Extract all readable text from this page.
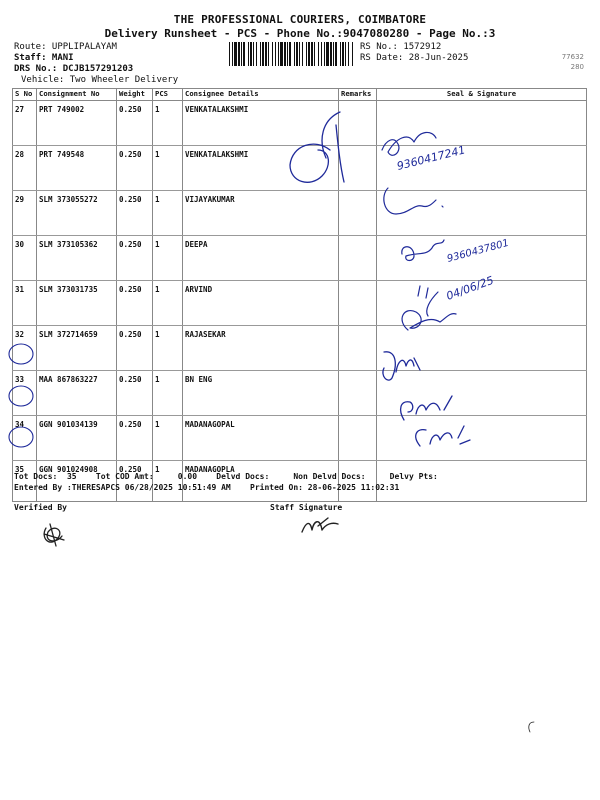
THE PROFESSIONAL COURIERS, COIMBATORE
Delivery Runsheet - PCS - Phone No.:9047080280 - Page No.:3
Route: UPPLIPALAYAM
Staff: MANI
DRS No.: DCJB157291203
Vehicle: Two Wheeler Delivery
RS No.: 1572912
RS Date: 28-Jun-2025	77632
280
S No	Consignment No	Weight	PCS	Consignee Details	Remarks	Seal & Signature
27	PRT 749002	0.250	1	VENKATALAKSHMI		
28	PRT 749548	0.250	1	VENKATALAKSHMI		
29	SLM 373055272	0.250	1	VIJAYAKUMAR		
30	SLM 373105362	0.250	1	DEEPA		
31	SLM 373031735	0.250	1	ARVIND		
32	SLM 372714659	0.250	1	RAJASEKAR		
33	MAA 867863227	0.250	1	BN ENG		
34	GGN 901034139	0.250	1	MADANAGOPAL		
35	GGN 901024908	0.250	1	MADANAGOPLA		
9360417241
9360437801
04/06/25
Tot Docs:  35    Tot COD Amt:     0.00    Delvd Docs:     Non Delvd Docs:     Delvy Pts:
Entered By :THERESAPCS 06/28/2025 10:51:49 AM    Printed On: 28-06-2025 11:02:31
Verified By	Staff Signature
